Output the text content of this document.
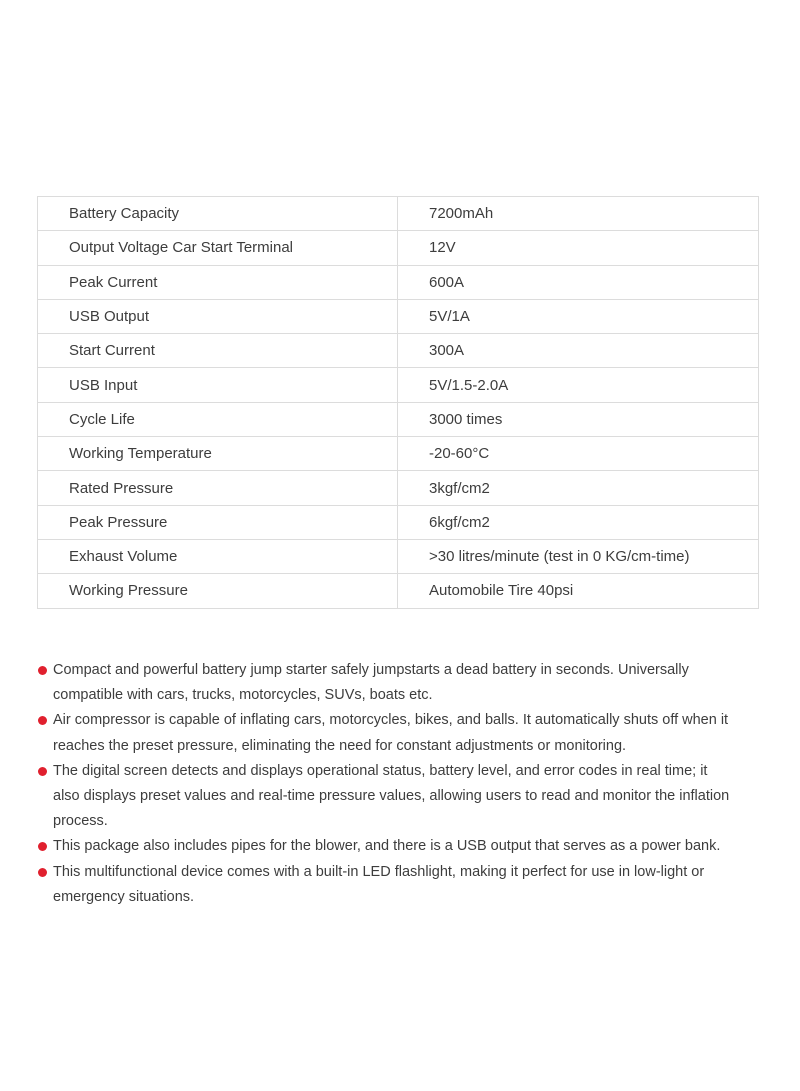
Battery Capacity	7200mAh
Output Voltage Car Start Terminal	12V
Peak Current	600A
USB Output	5V/1A
Start Current	300A
USB Input	5V/1.5-2.0A
Cycle Life	3000 times
Working Temperature	-20-60°C
Rated Pressure	3kgf/cm2
Peak Pressure	6kgf/cm2
Exhaust Volume	>30 litres/minute (test in 0 KG/cm-time)
Working Pressure	Automobile Tire 40psi
Compact and powerful battery jump starter safely jumpstarts a dead battery in seconds. Universally compatible with cars, trucks, motorcycles, SUVs, boats etc.
Air compressor is capable of inflating cars, motorcycles, bikes, and balls. It automatically shuts off when it reaches the preset pressure, eliminating the need for constant adjustments or monitoring.
The digital screen detects and displays operational status, battery level, and error codes in real time; it also displays preset values and real-time pressure values, allowing users to read and monitor the inflation process.
This package also includes pipes for the blower, and there is a USB output that serves as a power bank.
This multifunctional device comes with a built-in LED flashlight, making it perfect for use in low-light or emergency situations.
